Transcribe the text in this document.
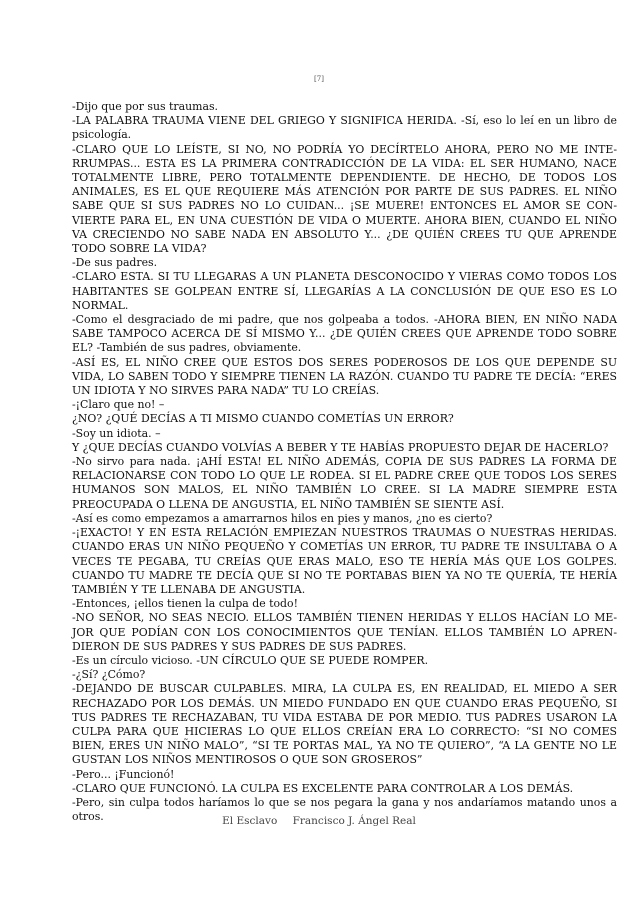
[7]

-Dijo que por sus traumas.

-LA PALABRA TRAUMA VIENE DEL GRIEGO Y SIGNIFICA HERIDA. -Sí, eso lo leí en un libro de psicología.

-CLARO QUE LO LEÍSTE, SI NO, NO PODRÍA YO DECÍRTELO AHORA, PERO NO ME INTERRUMPAS... ESTA ES LA PRIMERA CONTRADICCIÓN DE LA VIDA: EL SER HUMANO, NACE TOTALMENTE LIBRE, PERO TOTALMENTE DEPENDIENTE. DE HECHO, DE TODOS LOS ANIMALES, ES EL QUE REQUIERE MÁS ATENCIÓN POR PARTE DE SUS PADRES. EL NIÑO SABE QUE SI SUS PADRES NO LO CUIDAN... ¡SE MUERE! ENTONCES EL AMOR SE CONVIERTE PARA EL, EN UNA CUESTIÓN DE VIDA O MUERTE. AHORA BIEN, CUANDO EL NIÑO VA CRECIENDO NO SABE NADA EN ABSOLUTO Y... ¿DE QUIÉN CREES TU QUE APRENDE TODO SOBRE LA VIDA?

-De sus padres.

-CLARO ESTA. SI TU LLEGARAS A UN PLANETA DESCONOCIDO Y VIERAS COMO TODOS LOS HABITANTES SE GOLPEAN ENTRE SÍ, LLEGARÍAS A LA CONCLUSIÓN DE QUE ESO ES LO NORMAL.

-Como el desgraciado de mi padre, que nos golpeaba a todos. -AHORA BIEN, EN NIÑO NADA SABE TAMPOCO ACERCA DE SÍ MISMO Y... ¿DE QUIÉN CREES QUE APRENDE TODO SOBRE EL? -También de sus padres, obviamente.

-ASÍ ES, EL NIÑO CREE QUE ESTOS DOS SERES PODEROSOS DE LOS QUE DEPENDE SU VIDA, LO SABEN TODO Y SIEMPRE TIENEN LA RAZÓN. CUANDO TU PADRE TE DECÍA: “ERES UN IDIOTA Y NO SIRVES PARA NADA” TU LO CREÍAS.

-¡Claro que no! –

¿NO? ¿QUÉ DECÍAS A TI MISMO CUANDO COMETÍAS UN ERROR?

-Soy un idiota. –

Y ¿QUE DECÍAS CUANDO VOLVÍAS A BEBER Y TE HABÍAS PROPUESTO DEJAR DE HACERLO?

-No sirvo para nada. ¡AHÍ ESTA! EL NIÑO ADEMÁS, COPIA DE SUS PADRES LA FORMA DE RELACIONARSE CON TODO LO QUE LE RODEA. SI EL PADRE CREE QUE TODOS LOS SERES HUMANOS SON MALOS, EL NIÑO TAMBIÉN LO CREE. SI LA MADRE SIEMPRE ESTA PREOCUPADA O LLENA DE ANGUSTIA, EL NIÑO TAMBIÉN SE SIENTE ASÍ.

-Así es como empezamos a amarrarnos hilos en pies y manos, ¿no es cierto?

-¡EXACTO! Y EN ESTA RELACIÓN EMPIEZAN NUESTROS TRAUMAS O NUESTRAS HERIDAS. CUANDO ERAS UN NIÑO PEQUEÑO Y COMETÍAS UN ERROR, TU PADRE TE INSULTABA O A VECES TE PEGABA, TU CREÍAS QUE ERAS MALO, ESO TE HERÍA MÁS QUE LOS GOLPES. CUANDO TU MADRE TE DECÍA QUE SI NO TE PORTABAS BIEN YA NO TE QUERÍA, TE HERÍA TAMBIÉN Y TE LLENABA DE ANGUSTIA.

-Entonces, ¡ellos tienen la culpa de todo!

-NO SEÑOR, NO SEAS NECIO. ELLOS TAMBIÉN TIENEN HERIDAS Y ELLOS HACÍAN LO MEJOR QUE PODÍAN CON LOS CONOCIMIENTOS QUE TENÍAN. ELLOS TAMBIÉN LO APRENDIERON DE SUS PADRES Y SUS PADRES DE SUS PADRES.

-Es un círculo vicioso. -UN CÍRCULO QUE SE PUEDE ROMPER.

-¿Sí? ¿Cómo?

-DEJANDO DE BUSCAR CULPABLES. MIRA, LA CULPA ES, EN REALIDAD, EL MIEDO A SER RECHAZADO POR LOS DEMÁS. UN MIEDO FUNDADO EN QUE CUANDO ERAS PEQUEÑO, SI TUS PADRES TE RECHAZABAN, TU VIDA ESTABA DE POR MEDIO. TUS PADRES USARON LA CULPA PARA QUE HICIERAS LO QUE ELLOS CREÍAN ERA LO CORRECTO: “SI NO COMES BIEN, ERES UN NIÑO MALO”, “SI TE PORTAS MAL, YA NO TE QUIERO”, “A LA GENTE NO LE GUSTAN LOS NIÑOS MENTIROSOS O QUE SON GROSEROS”

-Pero... ¡Funcionó!

-CLARO QUE FUNCIONÓ. LA CULPA ES EXCELENTE PARA CONTROLAR A LOS DEMÁS.

-Pero, sin culpa todos haríamos lo que se nos pegara la gana y nos andaríamos matando unos a otros.	El Esclavo Francisco J. Ángel Real
